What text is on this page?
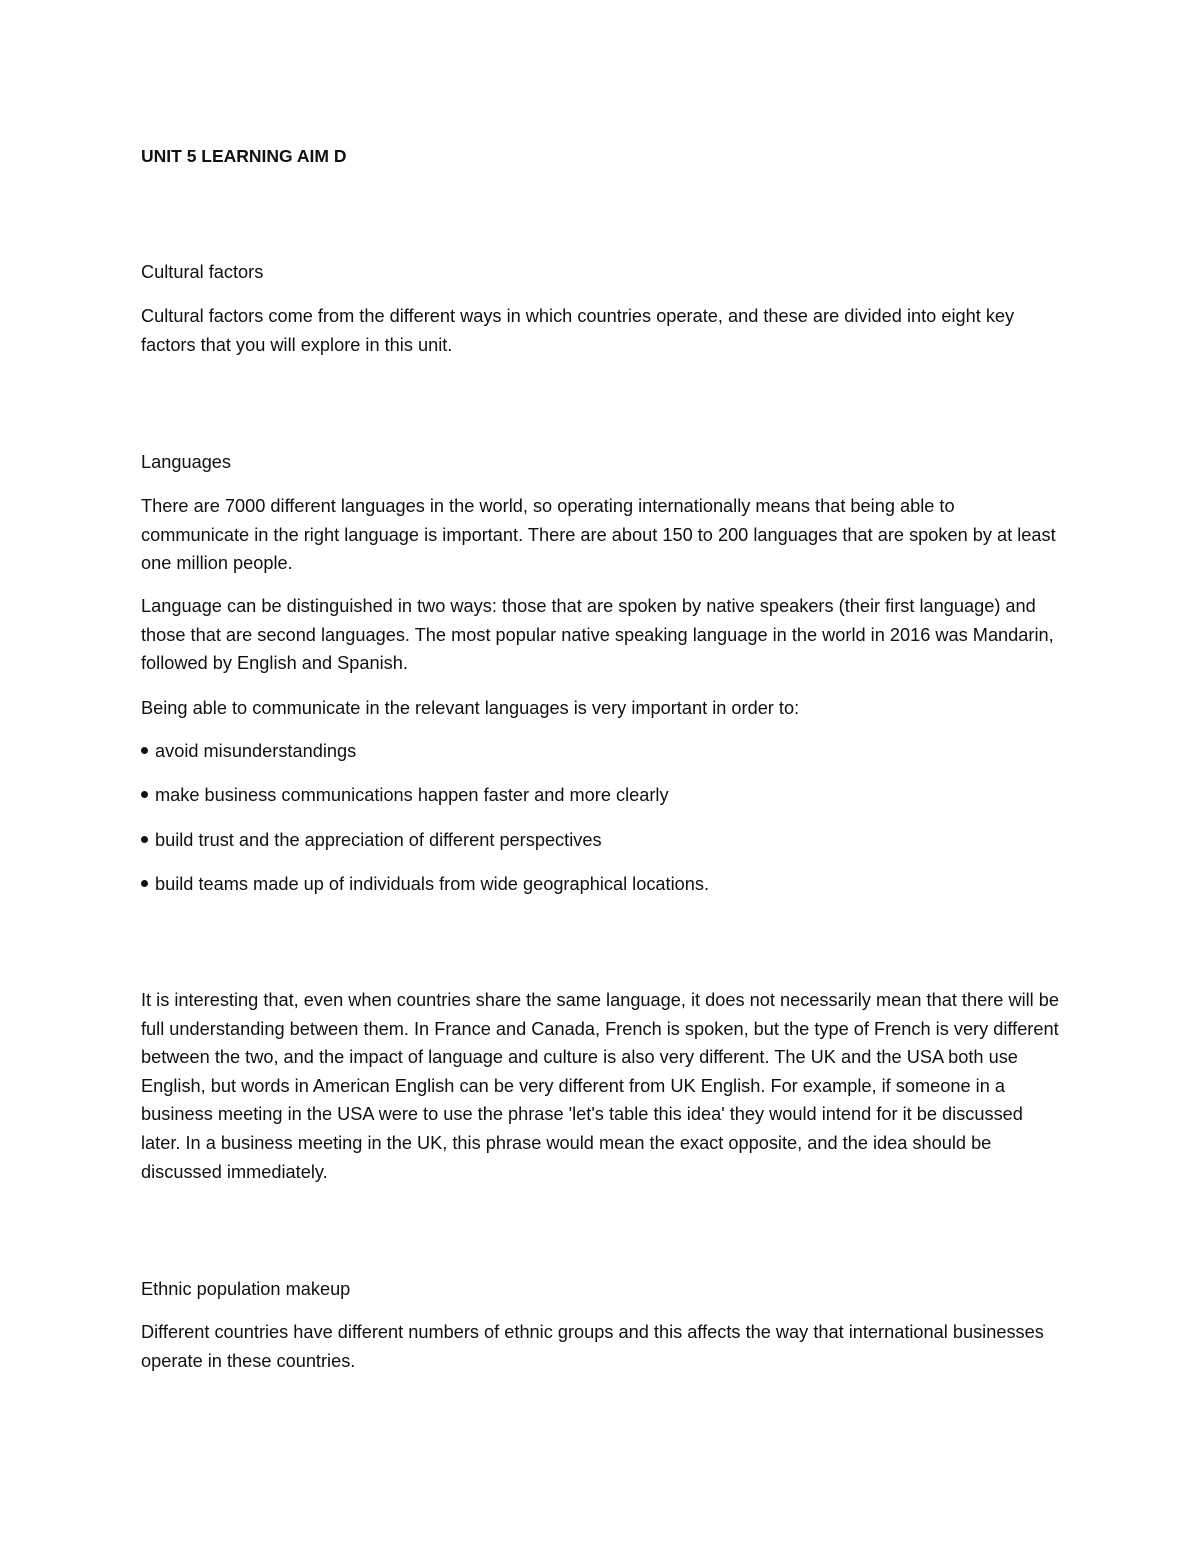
UNIT 5 LEARNING AIM D

Cultural factors

Cultural factors come from the different ways in which countries operate, and these are divided into eight key factors that you will explore in this unit.

Languages

There are 7000 different languages in the world, so operating internationally means that being able to communicate in the right language is important. There are about 150 to 200 languages that are spoken by at least one million people.

Language can be distinguished in two ways: those that are spoken by native speakers (their first language) and those that are second languages. The most popular native speaking language in the world in 2016 was Mandarin, followed by English and Spanish.

Being able to communicate in the relevant languages is very important in order to:

avoid misunderstandings

make business communications happen faster and more clearly

build trust and the appreciation of different perspectives

build teams made up of individuals from wide geographical locations.

It is interesting that, even when countries share the same language, it does not necessarily mean that there will be full understanding between them. In France and Canada, French is spoken, but the type of French is very different between the two, and the impact of language and culture is also very different. The UK and the USA both use English, but words in American English can be very different from UK English. For example, if someone in a business meeting in the USA were to use the phrase 'let's table this idea' they would intend for it be discussed later. In a business meeting in the UK, this phrase would mean the exact opposite, and the idea should be discussed immediately.

Ethnic population makeup

Different countries have different numbers of ethnic groups and this affects the way that international businesses operate in these countries.
